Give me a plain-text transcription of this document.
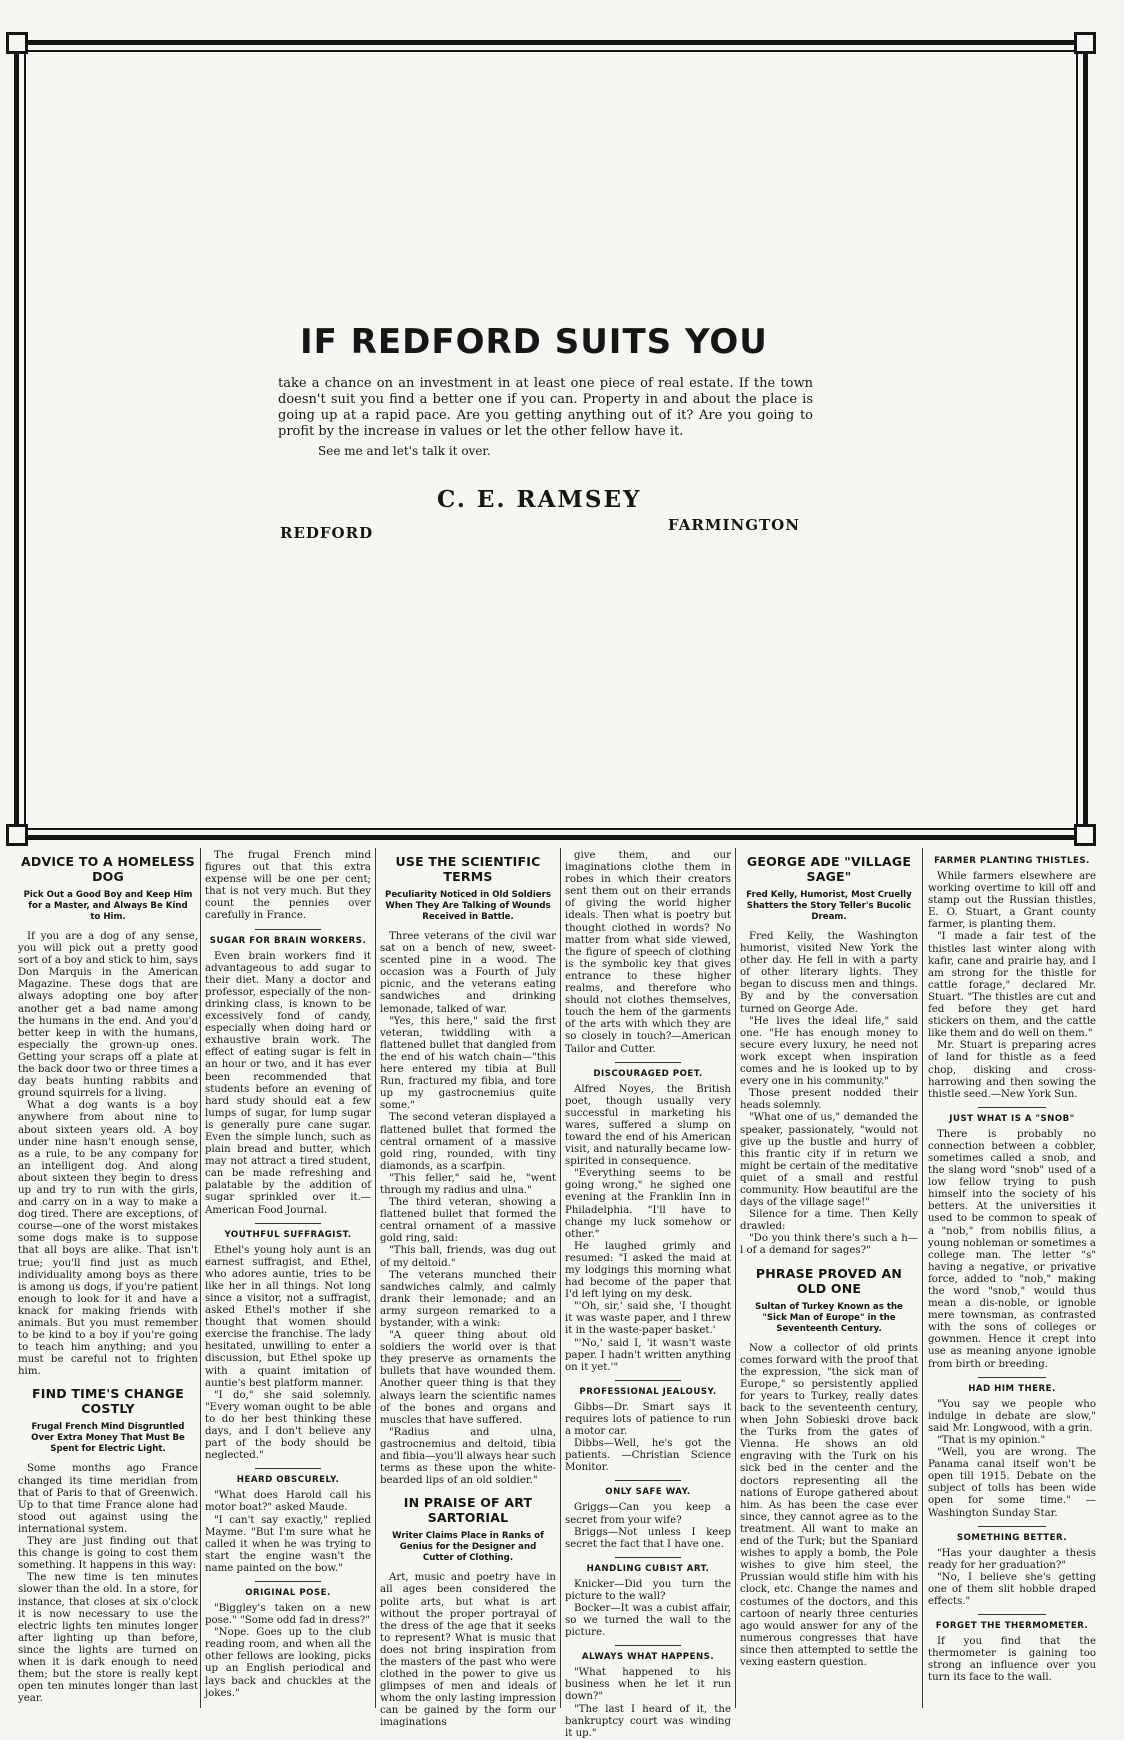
IF REDFORD SUITS YOU
take a chance on an investment in at least one piece of real estate. If the town doesn't suit you find a better one if you can. Property in and about the place is going up at a rapid pace. Are you getting anything out of it? Are you going to profit by the increase in values or let the other fellow have it.
See me and let's talk it over.
C. E. RAMSEY
REDFORD	FARMINGTON
ADVICE TO A HOMELESS DOG
Pick Out a Good Boy and Keep Him for a Master, and Always Be Kind to Him.

If you are a dog of any sense, you will pick out a pretty good sort of a boy and stick to him, says Don Marquis in the American Magazine. These dogs that are always adopting one boy after another get a bad name among the humans in the end. And you'd better keep in with the humans, especially the grown-up ones. Getting your scraps off a plate at the back door two or three times a day beats hunting rabbits and ground squirrels for a living.

What a dog wants is a boy anywhere from about nine to about sixteen years old. A boy under nine hasn't enough sense, as a rule, to be any company for an intelligent dog. And along about sixteen they begin to dress up and try to run with the girls, and carry on in a way to make a dog tired. There are exceptions, of course—one of the worst mistakes some dogs make is to suppose that all boys are alike. That isn't true; you'll find just as much individuality among boys as there is among us dogs, if you're patient enough to look for it and have a knack for making friends with animals. But you must remember to be kind to a boy if you're going to teach him anything; and you must be careful not to frighten him.

FIND TIME'S CHANGE COSTLY
Frugal French Mind Disgruntled Over Extra Money That Must Be Spent for Electric Light.

Some months ago France changed its time meridian from that of Paris to that of Greenwich. Up to that time France alone had stood out against using the international system.

They are just finding out that this change is going to cost them something. It happens in this way:

The new time is ten minutes slower than the old. In a store, for instance, that closes at six o'clock it is now necessary to use the electric lights ten minutes longer after lighting up than before, since the lights are turned on when it is dark enough to need them; but the store is really kept open ten minutes longer than last year.

The frugal French mind figures out that this extra expense will be one per cent; that is not very much. But they count the pennies over carefully in France.

SUGAR FOR BRAIN WORKERS.

Even brain workers find it advantageous to add sugar to their diet. Many a doctor and professor, especially of the non-drinking class, is known to be excessively fond of candy, especially when doing hard or exhaustive brain work. The effect of eating sugar is felt in an hour or two, and it has ever been recommended that students before an evening of hard study should eat a few lumps of sugar, for lump sugar is generally pure cane sugar. Even the simple lunch, such as plain bread and butter, which may not attract a tired student, can be made refreshing and palatable by the addition of sugar sprinkled over it.—American Food Journal.

YOUTHFUL SUFFRAGIST.

Ethel's young holy aunt is an earnest suffragist, and Ethel, who adores auntie, tries to be like her in all things. Not long since a visitor, not a suffragist, asked Ethel's mother if she thought that women should exercise the franchise. The lady hesitated, unwilling to enter a discussion, but Ethel spoke up with a quaint imitation of auntie's best platform manner.

"I do," she said solemnly. "Every woman ought to be able to do her best thinking these days, and I don't believe any part of the body should be neglected."

HEARD OBSCURELY.

"What does Harold call his motor boat?" asked Maude.

"I can't say exactly," replied Mayme. "But I'm sure what he called it when he was trying to start the engine wasn't the name painted on the bow."

ORIGINAL POSE.

"Biggley's taken on a new pose." "Some odd fad in dress?"

"Nope. Goes up to the club reading room, and when all the other fellows are looking, picks up an English periodical and lays back and chuckles at the jokes."

USE THE SCIENTIFIC TERMS
Peculiarity Noticed in Old Soldiers When They Are Talking of Wounds Received in Battle.

Three veterans of the civil war sat on a bench of new, sweet-scented pine in a wood. The occasion was a Fourth of July picnic, and the veterans eating sandwiches and drinking lemonade, talked of war.

"Yes, this here," said the first veteran, twiddling with a flattened bullet that dangled from the end of his watch chain—"this here entered my tibia at Bull Run, fractured my fibia, and tore up my gastrocnemius quite some."

The second veteran displayed a flattened bullet that formed the central ornament of a massive gold ring, rounded, with tiny diamonds, as a scarfpin.

"This feller," said he, "went through my radius and ulna."

The third veteran, showing a flattened bullet that formed the central ornament of a massive gold ring, said:

"This ball, friends, was dug out of my deltoid."

The veterans munched their sandwiches calmly, and calmly drank their lemonade; and an army surgeon remarked to a bystander, with a wink:

"A queer thing about old soldiers the world over is that they preserve as ornaments the bullets that have wounded them. Another queer thing is that they always learn the scientific names of the bones and organs and muscles that have suffered.

"Radius and ulna, gastrocnemius and deltoid, tibia and fibia—you'll always hear such terms as these upon the white-bearded lips of an old soldier."

IN PRAISE OF ART SARTORIAL
Writer Claims Place in Ranks of Genius for the Designer and Cutter of Clothing.

Art, music and poetry have in all ages been considered the polite arts, but what is art without the proper portrayal of the dress of the age that it seeks to represent? What is music that does not bring inspiration from the masters of the past who were clothed in the power to give us glimpses of men and ideals of whom the only lasting impression can be gained by the form our imaginations

give them, and our imaginations clothe them in robes in which their creators sent them out on their errands of giving the world higher ideals. Then what is poetry but thought clothed in words? No matter from what side viewed, the figure of speech of clothing is the symbolic key that gives entrance to these higher realms, and therefore who should not clothes themselves, touch the hem of the garments of the arts with which they are so closely in touch?—American Tailor and Cutter.

DISCOURAGED POET.

Alfred Noyes, the British poet, though usually very successful in marketing his wares, suffered a slump on toward the end of his American visit, and naturally became low-spirited in consequence.

"Everything seems to be going wrong," he sighed one evening at the Franklin Inn in Philadelphia. "I'll have to change my luck somehow or other."

He laughed grimly and resumed: "I asked the maid at my lodgings this morning what had become of the paper that I'd left lying on my desk.

"'Oh, sir,' said she, 'I thought it was waste paper, and I threw it in the waste-paper basket.'

"'No,' said I, 'it wasn't waste paper. I hadn't written anything on it yet.'"

PROFESSIONAL JEALOUSY.

Gibbs—Dr. Smart says it requires lots of patience to run a motor car.

Dibbs—Well, he's got the patients. —Christian Science Monitor.

ONLY SAFE WAY.

Griggs—Can you keep a secret from your wife?

Briggs—Not unless I keep secret the fact that I have one.

HANDLING CUBIST ART.

Knicker—Did you turn the picture to the wall?

Bocker—It was a cubist affair, so we turned the wall to the picture.

ALWAYS WHAT HAPPENS.

"What happened to his business when he let it run down?"

"The last I heard of it, the bankruptcy court was winding it up."

GEORGE ADE "VILLAGE SAGE"
Fred Kelly, Humorist, Most Cruelly Shatters the Story Teller's Bucolic Dream.

Fred Kelly, the Washington humorist, visited New York the other day. He fell in with a party of other literary lights. They began to discuss men and things. By and by the conversation turned on George Ade.

"He lives the ideal life," said one. "He has enough money to secure every luxury, he need not work except when inspiration comes and he is looked up to by every one in his community."

Those present nodded their heads solemnly.

"What one of us," demanded the speaker, passionately, "would not give up the bustle and hurry of this frantic city if in return we might be certain of the meditative quiet of a small and restful community. How beautiful are the days of the village sage!"

Silence for a time. Then Kelly drawled:

"Do you think there's such a h—l of a demand for sages?"

PHRASE PROVED AN OLD ONE
Sultan of Turkey Known as the "Sick Man of Europe" in the Seventeenth Century.

Now a collector of old prints comes forward with the proof that the expression, "the sick man of Europe," so persistently applied for years to Turkey, really dates back to the seventeenth century, when John Sobieski drove back the Turks from the gates of Vienna. He shows an old engraving with the Turk on his sick bed in the center and the doctors representing all the nations of Europe gathered about him. As has been the case ever since, they cannot agree as to the treatment. All want to make an end of the Turk; but the Spaniard wishes to apply a bomb, the Pole wishes to give him steel, the Prussian would stifle him with his clock, etc. Change the names and costumes of the doctors, and this cartoon of nearly three centuries ago would answer for any of the numerous congresses that have since then attempted to settle the vexing eastern question.

FARMER PLANTING THISTLES.

While farmers elsewhere are working overtime to kill off and stamp out the Russian thistles, E. O. Stuart, a Grant county farmer, is planting them.

"I made a fair test of the thistles last winter along with kafir, cane and prairie hay, and I am strong for the thistle for cattle forage," declared Mr. Stuart. "The thistles are cut and fed before they get hard stickers on them, and the cattle like them and do well on them."

Mr. Stuart is preparing acres of land for thistle as a feed chop, disking and cross-harrowing and then sowing the thistle seed.—New York Sun.

JUST WHAT IS A "SNOB"

There is probably no connection between a cobbler, sometimes called a snob, and the slang word "snob" used of a low fellow trying to push himself into the society of his betters. At the universities it used to be common to speak of a "nob," from nobilis filius, a young nobleman or sometimes a college man. The letter "s" having a negative, or privative force, added to "nob," making the word "snob," would thus mean a dis-noble, or ignoble mere townsman, as contrasted with the sons of colleges or gownmen. Hence it crept into use as meaning anyone ignoble from birth or breeding.

HAD HIM THERE.

"You say we people who indulge in debate are slow," said Mr. Longwood, with a grin.

"That is my opinion."

"Well, you are wrong. The Panama canal itself won't be open till 1915. Debate on the subject of tolls has been wide open for some time." —Washington Sunday Star.

SOMETHING BETTER.

"Has your daughter a thesis ready for her graduation?"

"No, I believe she's getting one of them slit hobble draped effects."

FORGET THE THERMOMETER.

If you find that the thermometer is gaining too strong an influence over you turn its face to the wall.
